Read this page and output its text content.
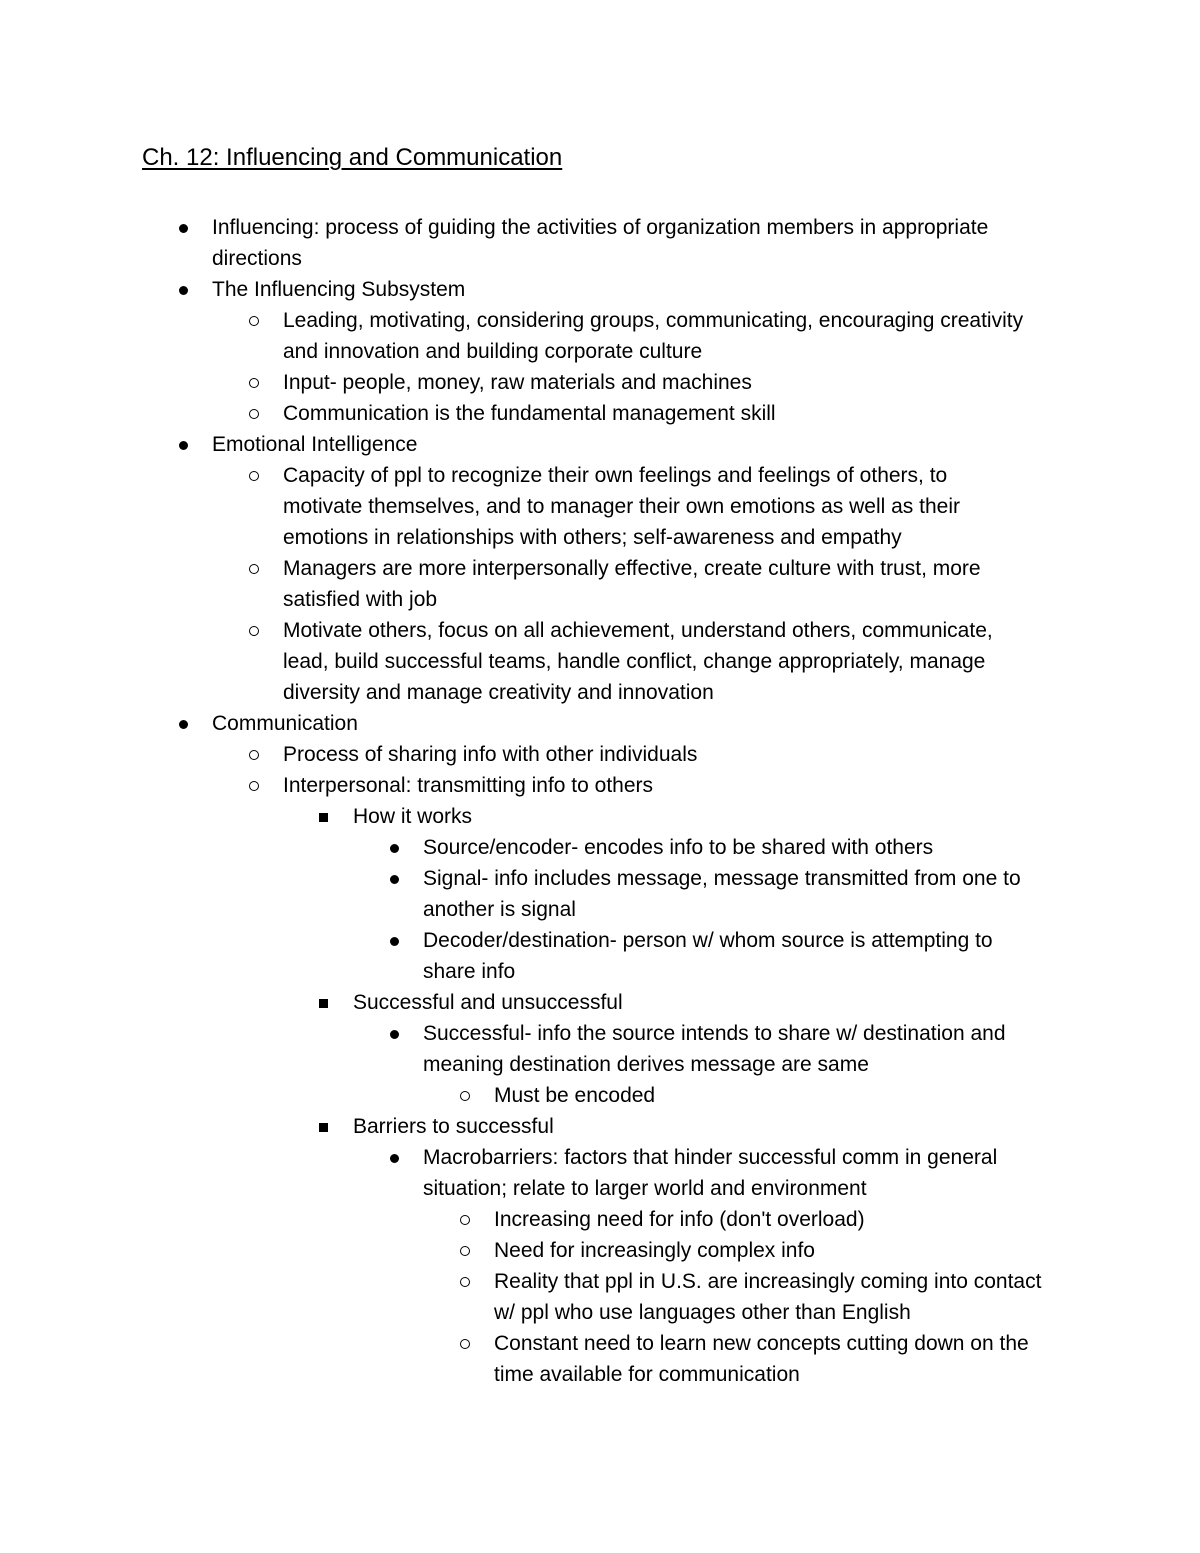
Ch. 12: Influencing and Communication
Influencing: process of guiding the activities of organization members in appropriate directions
The Influencing Subsystem
Leading, motivating, considering groups, communicating, encouraging creativity and innovation and building corporate culture
Input- people, money, raw materials and machines
Communication is the fundamental management skill
Emotional Intelligence
Capacity of ppl to recognize their own feelings and feelings of others, to motivate themselves, and to manager their own emotions as well as their emotions in relationships with others; self-awareness and empathy
Managers are more interpersonally effective, create culture with trust, more satisfied with job
Motivate others, focus on all achievement, understand others, communicate, lead, build successful teams, handle conflict, change appropriately, manage diversity and manage creativity and innovation
Communication
Process of sharing info with other individuals
Interpersonal: transmitting info to others
How it works
Source/encoder- encodes info to be shared with others
Signal- info includes message, message transmitted from one to another is signal
Decoder/destination- person w/ whom source is attempting to share info
Successful and unsuccessful
Successful- info the source intends to share w/ destination and meaning destination derives message are same
Must be encoded
Barriers to successful
Macrobarriers: factors that hinder successful comm in general situation; relate to larger world and environment
Increasing need for info (don't overload)
Need for increasingly complex info
Reality that ppl in U.S. are increasingly coming into contact w/ ppl who use languages other than English
Constant need to learn new concepts cutting down on the time available for communication
